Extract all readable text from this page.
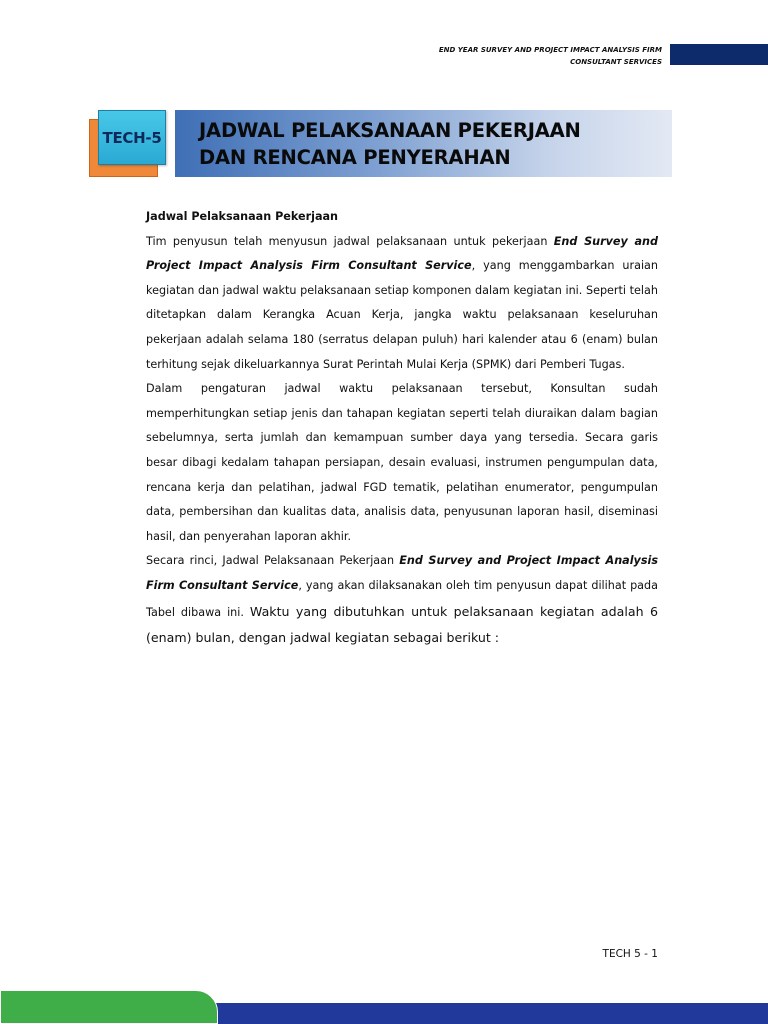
END YEAR SURVEY AND PROJECT IMPACT ANALYSIS FIRM
CONSULTANT SERVICES
TECH-5 JADWAL PELAKSANAAN PEKERJAAN
DAN RENCANA PENYERAHAN

Jadwal Pelaksanaan Pekerjaan

Tim penyusun telah menyusun jadwal pelaksanaan untuk pekerjaan End Survey and Project Impact Analysis Firm Consultant Service, yang menggambarkan uraian kegiatan dan jadwal waktu pelaksanaan setiap komponen dalam kegiatan ini. Seperti telah ditetapkan dalam Kerangka Acuan Kerja, jangka waktu pelaksanaan keseluruhan pekerjaan adalah selama 180 (serratus delapan puluh) hari kalender atau 6 (enam) bulan terhitung sejak dikeluarkannya Surat Perintah Mulai Kerja (SPMK) dari Pemberi Tugas.

Dalam pengaturan jadwal waktu pelaksanaan tersebut, Konsultan sudah memperhitungkan setiap jenis dan tahapan kegiatan seperti telah diuraikan dalam bagian sebelumnya, serta jumlah dan kemampuan sumber daya yang tersedia. Secara garis besar dibagi kedalam tahapan persiapan, desain evaluasi, instrumen pengumpulan data, rencana kerja dan pelatihan, jadwal FGD tematik, pelatihan enumerator, pengumpulan data, pembersihan dan kualitas data, analisis data, penyusunan laporan hasil, diseminasi hasil, dan penyerahan laporan akhir.

Secara rinci, Jadwal Pelaksanaan Pekerjaan End Survey and Project Impact Analysis Firm Consultant Service, yang akan dilaksanakan oleh tim penyusun dapat dilihat pada Tabel dibawa ini. Waktu yang dibutuhkan untuk pelaksanaan kegiatan adalah 6 (enam) bulan, dengan jadwal kegiatan sebagai berikut :

TECH 5 - 1
